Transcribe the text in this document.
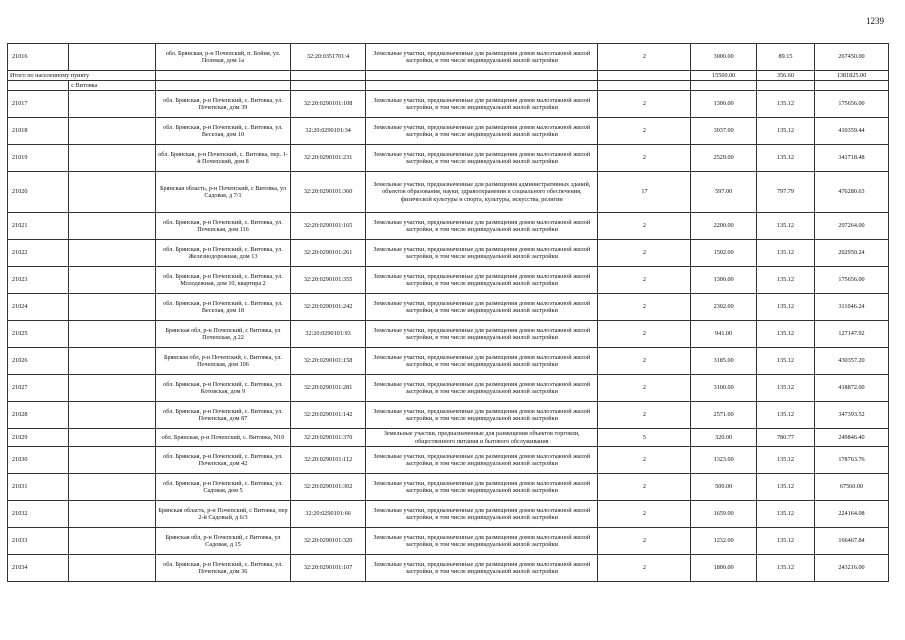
1239
21016		обл. Брянская, р-н Почепский, п. Бойня, ул. Полевая, дом 1а	32:20:0351701:4	Земельные участки, предназначенные для размещения домов малоэтажной жилой застройки, в том числе индивидуальной жилой застройки	2	3000.00	89.15	267450.00
Итого по населенному пункту						15500.00	356.60	1381825.00
	с Витовка							
21017		обл. Брянская, р-н Почепский, с. Витовка, ул. Почепская, дом 39	32:20:0290101:108	Земельные участки, предназначенные для размещения домов малоэтажной жилой застройки, в том числе индивидуальной жилой застройки	2	1300.00	135.12	175656.00
21018		обл. Брянская, р-н Почепский, с. Витовка, ул. Веселая, дом 10	32:20:0290101:34	Земельные участки, предназначенные для размещения домов малоэтажной жилой застройки, в том числе индивидуальной жилой застройки	2	3037.00	135.12	410359.44
21019		обл. Брянская, р-н Почепский, с. Витовка, пер. 1-й Почепский, дом 8	32:20:0290101:231	Земельные участки, предназначенные для размещения домов малоэтажной жилой застройки, в том числе индивидуальной жилой застройки	2	2529.00	135.12	341718.48
21020		Брянская область, р-н Почепский, с Витовка, ул Садовая, д 7/1	32:20:0290101:360	Земельные участки, предназначенные для размещения административных зданий, объектов образования, науки, здравоохранения и социального обеспечения, физической культуры и спорта, культуры, искусства, религии	17	597.00	797.79	476280.63
21021		обл. Брянская, р-н Почепский, с. Витовка, ул. Почепская, дом 116	32:20:0290101:165	Земельные участки, предназначенные для размещения домов малоэтажной жилой застройки, в том числе индивидуальной жилой застройки	2	2200.00	135.12	297264.00
21022		обл. Брянская, р-н Почепский, с. Витовка, ул. Железнодорожная, дом 13	32:20:0290101:261	Земельные участки, предназначенные для размещения домов малоэтажной жилой застройки, в том числе индивидуальной жилой застройки	2	1502.00	135.12	202950.24
21023		обл. Брянская, р-н Почепский, с. Витовка, ул. Молодежная, дом 10, квартира 2	32:20:0290101:355	Земельные участки, предназначенные для размещения домов малоэтажной жилой застройки, в том числе индивидуальной жилой застройки	2	1300.00	135.12	175656.00
21024		обл. Брянская, р-н Почепский, с. Витовка, ул. Веселая, дом 18	32:20:0290101:242	Земельные участки, предназначенные для размещения домов малоэтажной жилой застройки, в том числе индивидуальной жилой застройки	2	2302.00	135.12	311046.24
21025		Брянская обл, р-н Почепский, с Витовка, ул Почепская, д 22	32:20:0290101:93	Земельные участки, предназначенные для размещения домов малоэтажной жилой застройки, в том числе индивидуальной жилой застройки	2	941.00	135.12	127147.92
21026		Брянская обл, р-н Почепский, с. Витовка, ул. Почепская, дом 106	32:20:0290101:158	Земельные участки, предназначенные для размещения домов малоэтажной жилой застройки, в том числе индивидуальной жилой застройки	2	3185.00	135.12	430357.20
21027		обл. Брянская, р-н Почепский, с. Витовка, ул. Котовская, дом 9	32:20:0290101:281	Земельные участки, предназначенные для размещения домов малоэтажной жилой застройки, в том числе индивидуальной жилой застройки	2	3100.00	135.12	418872.00
21028		обл. Брянская, р-н Почепский, с. Витовка, ул. Почепская, дом 87	32:20:0290101:142	Земельные участки, предназначенные для размещения домов малоэтажной жилой застройки, в том числе индивидуальной жилой застройки	2	2571.00	135.12	347393.52
21029		обл. Брянская, р-н Почепский, с. Витовка, N10	32:20:0290101:370	Земельные участки, предназначенные для размещения объектов торговли, общественного питания и бытового обслуживания	5	320.00	780.77	249846.40
21030		обл. Брянская, р-н Почепский, с. Витовка, ул. Почепская, дом 42	32:20:0290101:112	Земельные участки, предназначенные для размещения домов малоэтажной жилой застройки, в том числе индивидуальной жилой застройки	2	1323.00	135.12	178763.76
21031		обл. Брянская, р-н Почепский, с. Витовка, ул. Садовая, дом 5	32:20:0290101:302	Земельные участки, предназначенные для размещения домов малоэтажной жилой застройки, в том числе индивидуальной жилой застройки	2	500.00	135.12	67560.00
21032		Брянская область, р-н Почепский, с Витовка, пер 2-й Садовый, д 6/3	32:20:0290101:66	Земельные участки, предназначенные для размещения домов малоэтажной жилой застройки, в том числе индивидуальной жилой застройки	2	1659.00	135.12	224164.08
21033		Брянская обл, р-н Почепский, с Витовка, ул Садовая, д 15	32:20:0290101:320	Земельные участки, предназначенные для размещения домов малоэтажной жилой застройки, в том числе индивидуальной жилой застройки	2	1232.00	135.12	166467.84
21034		обл. Брянская, р-н Почепский, с. Витовка, ул. Почепская, дом 36	32:20:0290101:107	Земельные участки, предназначенные для размещения домов малоэтажной жилой застройки, в том числе индивидуальной жилой застройки	2	1800.00	135.12	243216.00
